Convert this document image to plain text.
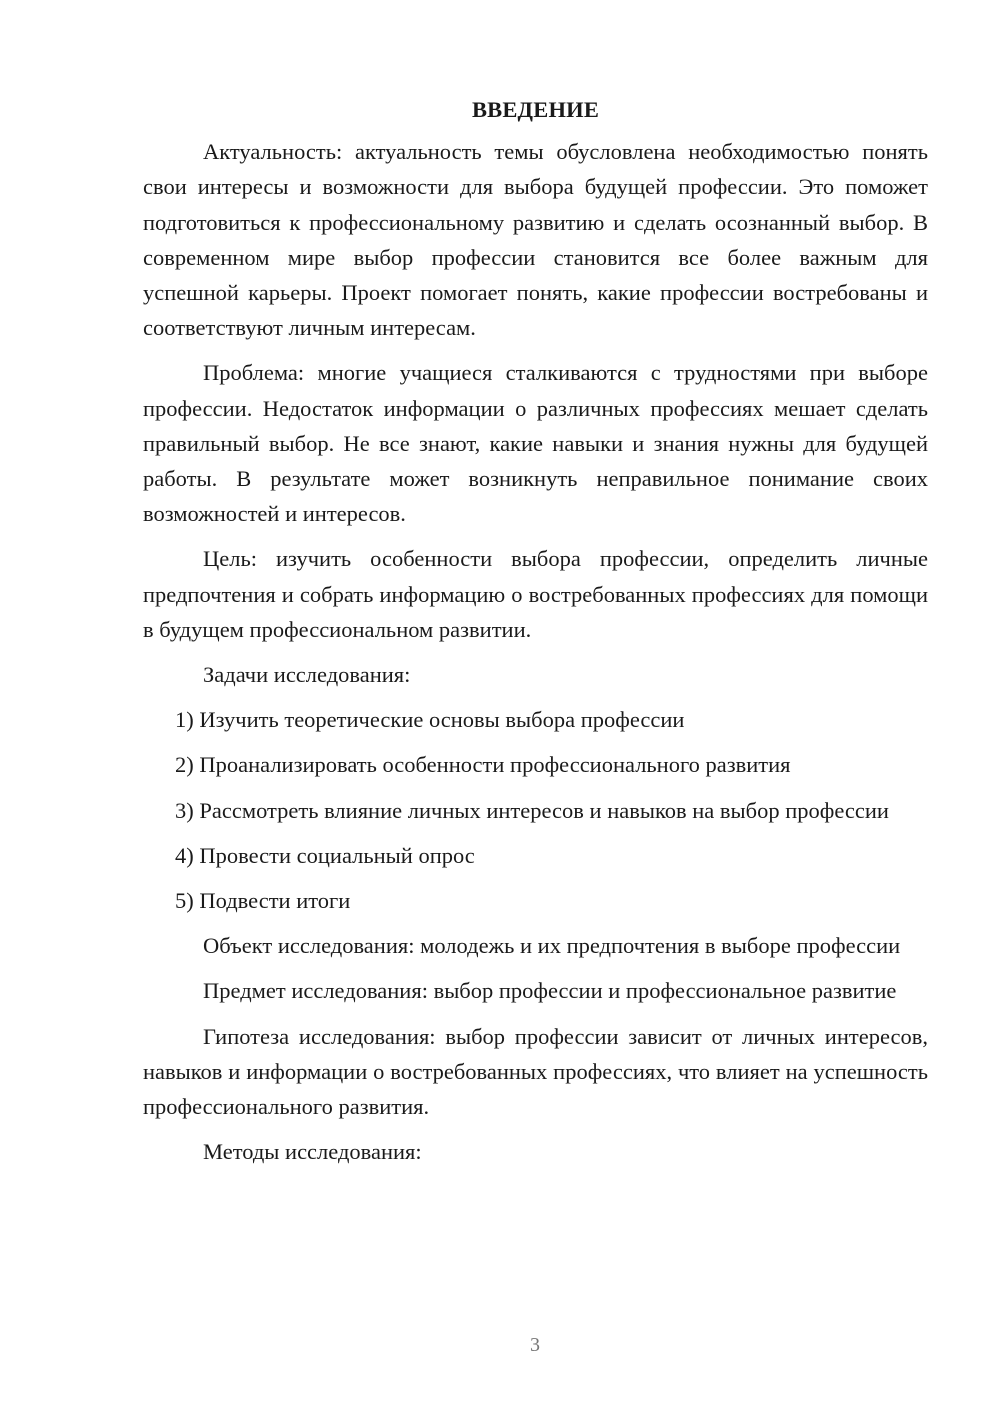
ВВЕДЕНИЕ

Актуальность: актуальность темы обусловлена необходимостью понять свои интересы и возможности для выбора будущей профессии. Это поможет подготовиться к профессиональному развитию и сделать осознанный выбор. В современном мире выбор профессии становится все более важным для успешной карьеры. Проект помогает понять, какие профессии востребованы и соответствуют личным интересам.

Проблема: многие учащиеся сталкиваются с трудностями при выборе профессии. Недостаток информации о различных профессиях мешает сделать правильный выбор. Не все знают, какие навыки и знания нужны для будущей работы. В результате может возникнуть неправильное понимание своих возможностей и интересов.

Цель: изучить особенности выбора профессии, определить личные предпочтения и собрать информацию о востребованных профессиях для помощи в будущем профессиональном развитии.

Задачи исследования:

1) Изучить теоретические основы выбора профессии

2) Проанализировать особенности профессионального развития

3) Рассмотреть влияние личных интересов и навыков на выбор профессии

4) Провести социальный опрос

5) Подвести итоги

Объект исследования: молодежь и их предпочтения в выборе профессии

Предмет исследования: выбор профессии и профессиональное развитие

Гипотеза исследования: выбор профессии зависит от личных интересов, навыков и информации о востребованных профессиях, что влияет на успешность профессионального развития.

Методы исследования:

3
